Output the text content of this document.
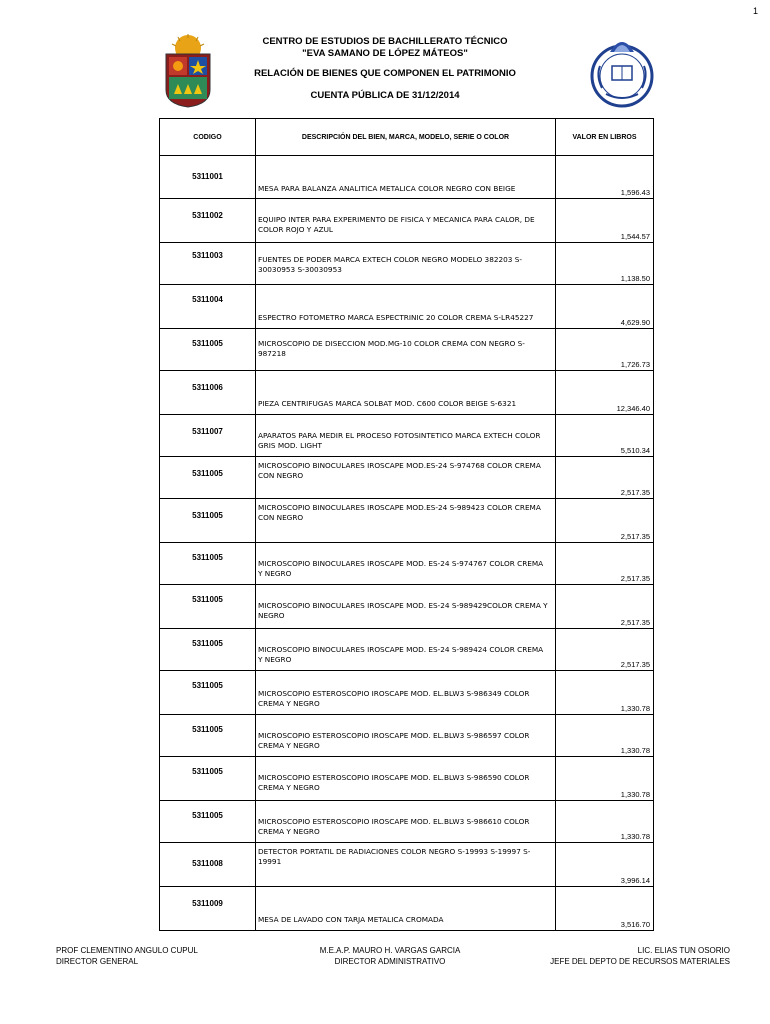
1
CENTRO DE ESTUDIOS DE BACHILLERATO TÉCNICO
"EVA SAMANO DE LÓPEZ MÁTEOS"
RELACIÓN DE BIENES QUE COMPONEN EL PATRIMONIO
CUENTA PÚBLICA DE 31/12/2014
CODIGO	DESCRIPCIÓN DEL BIEN, MARCA, MODELO, SERIE O COLOR	VALOR EN LIBROS

5311001	MESA PARA BALANZA ANALITICA METALICA COLOR NEGRO CON BEIGE	1,596.43

5311002	EQUIPO INTER PARA EXPERIMENTO DE FISICA Y MECANICA PARA CALOR, DE COLOR ROJO Y AZUL	1,544.57

5311003	FUENTES DE PODER MARCA EXTECH COLOR NEGRO MODELO 382203 S-30030953 S-30030953	1,138.50

5311004	ESPECTRO FOTOMETRO MARCA ESPECTRINIC 20 COLOR CREMA S-LR45227	4,629.90

5311005	MICROSCOPIO DE DISECCION MOD.MG-10 COLOR CREMA CON NEGRO S-987218	1,726.73

5311006	PIEZA CENTRIFUGAS MARCA SOLBAT MOD. C600 COLOR BEIGE S-6321	12,346.40

5311007	APARATOS PARA MEDIR EL PROCESO FOTOSINTETICO MARCA EXTECH COLOR GRIS MOD. LIGHT	5,510.34

5311005	MICROSCOPIO BINOCULARES IROSCAPE MOD.ES-24 S-974768 COLOR CREMA CON NEGRO	2,517.35

5311005	MICROSCOPIO BINOCULARES IROSCAPE MOD.ES-24 S-989423 COLOR CREMA CON NEGRO	2,517.35

5311005	MICROSCOPIO BINOCULARES IROSCAPE MOD. ES-24 S-974767 COLOR CREMA Y NEGRO	2,517.35

5311005	MICROSCOPIO BINOCULARES IROSCAPE MOD. ES-24 S-989429COLOR CREMA Y NEGRO	2,517.35

5311005	MICROSCOPIO BINOCULARES IROSCAPE MOD. ES-24 S-989424 COLOR CREMA Y NEGRO	2,517.35

5311005	MICROSCOPIO ESTEROSCOPIO IROSCAPE MOD. EL.BLW3 S-986349 COLOR CREMA Y NEGRO	1,330.78

5311005	MICROSCOPIO ESTEROSCOPIO IROSCAPE MOD. EL.BLW3 S-986597 COLOR CREMA Y NEGRO	1,330.78

5311005	MICROSCOPIO ESTEROSCOPIO IROSCAPE MOD. EL.BLW3 S-986590 COLOR CREMA Y NEGRO	1,330.78

5311005	MICROSCOPIO ESTEROSCOPIO IROSCAPE MOD. EL.BLW3 S-986610 COLOR CREMA Y NEGRO	1,330.78

5311008	DETECTOR PORTATIL DE RADIACIONES COLOR NEGRO S-19993 S-19997 S-19991	3,996.14

5311009	MESA DE LAVADO CON TARJA METALICA CROMADA	3,516.70
PROF CLEMENTINO ANGULO CUPUL
DIRECTOR GENERAL
M.E.A.P. MAURO H. VARGAS GARCIA
DIRECTOR ADMINISTRATIVO
LIC. ELIAS TUN OSORIO
JEFE DEL DEPTO DE RECURSOS MATERIALES
